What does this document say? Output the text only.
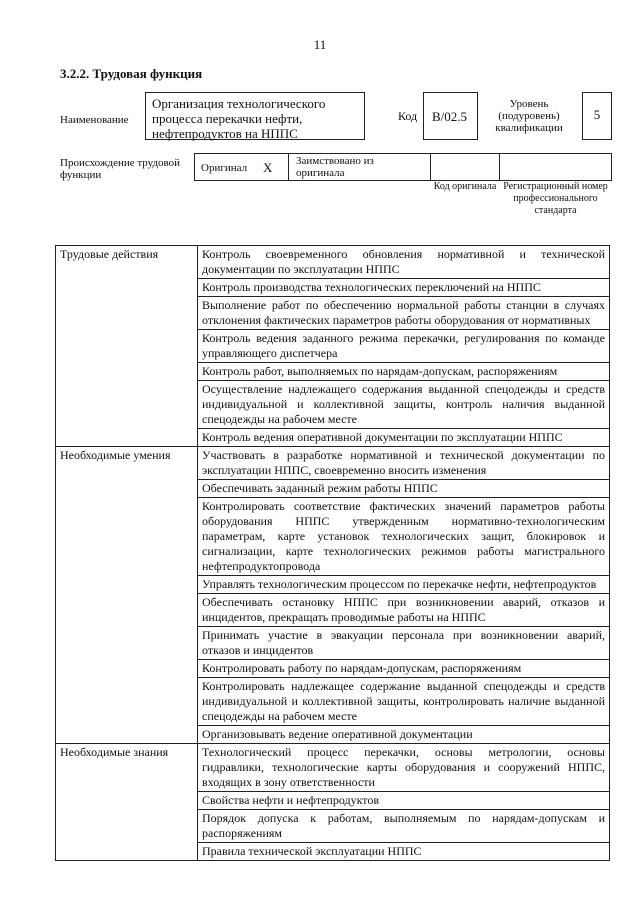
11
3.2.2. Трудовая функция
Наименование
Организация технологического процесса перекачки нефти, нефтепродуктов на НППС
Код	В/02.5
Уровень (подуровень) квалификации
5
Происхождение трудовой функции
Оригинал X	Заимствовано из оригинала
Код оригинала Регистрационный номер профессионального стандарта
Трудовые действия	Контроль своевременного обновления нормативной и технической документации по эксплуатации НППС
	Контроль производства технологических переключений на НППС
	Выполнение работ по обеспечению нормальной работы станции в случаях отклонения фактических параметров работы оборудования от нормативных
	Контроль ведения заданного режима перекачки, регулирования по команде управляющего диспетчера
	Контроль работ, выполняемых по нарядам-допускам, распоряжениям
	Осуществление надлежащего содержания выданной спецодежды и средств индивидуальной и коллективной защиты, контроль наличия выданной спецодежды на рабочем месте
	Контроль ведения оперативной документации по эксплуатации НППС
Необходимые умения	Участвовать в разработке нормативной и технической документации по эксплуатации НППС, своевременно вносить изменения
	Обеспечивать заданный режим работы НППС
	Контролировать соответствие фактических значений параметров работы оборудования НППС утвержденным нормативно-технологическим параметрам, карте установок технологических защит, блокировок и сигнализации, карте технологических режимов работы магистрального нефтепродуктопровода
	Управлять технологическим процессом по перекачке нефти, нефтепродуктов
	Обеспечивать остановку НППС при возникновении аварий, отказов и инцидентов, прекращать проводимые работы на НППС
	Принимать участие в эвакуации персонала при возникновении аварий, отказов и инцидентов
	Контролировать работу по нарядам-допускам, распоряжениям
	Контролировать надлежащее содержание выданной спецодежды и средств индивидуальной и коллективной защиты, контролировать наличие выданной спецодежды на рабочем месте
	Организовывать ведение оперативной документации
Необходимые знания	Технологический процесс перекачки, основы метрологии, основы гидравлики, технологические карты оборудования и сооружений НППС, входящих в зону ответственности
	Свойства нефти и нефтепродуктов
	Порядок допуска к работам, выполняемым по нарядам-допускам и распоряжениям
	Правила технической эксплуатации НППС
